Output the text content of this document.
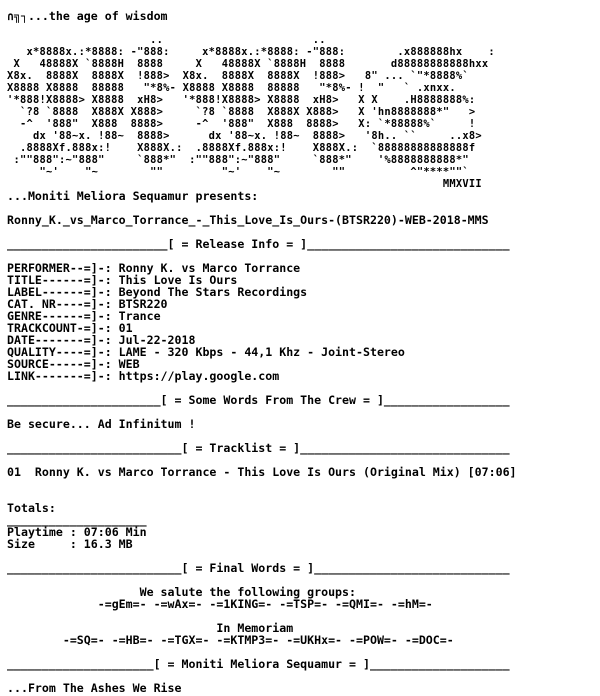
∩╗┐...the age of wisdom
..                       ..
x*8888x.:*8888: -"888:     x*8888x.:*8888: -"888:        .x888888hx    :
X   48888X `8888H  8888     X   48888X `8888H  8888       d88888888888hxx
X8x.  8888X  8888X  !888>  X8x.  8888X  8888X  !888>   8" ... `"*8888%`
X8888 X8888  88888   "*8%- X8888 X8888  88888   "*8%- !  "   ` .xnxx.
'*888!X8888> X8888  xH8>   '*888!X8888> X8888  xH8>   X X    .H8888888%:
`?8 `8888  X888X X888>     `?8 `8888  X888X X888>   X 'hn8888888*"   >
-^  '888"  X888  8888>     -^  '888"  X888  8888>   X: `*88888%`     !
dx '88~x. !88~  8888>      dx '88~x. !88~  8888>   '8h.. ``     ..x8>
.8888Xf.888x:!    X888X.:  .8888Xf.888x:!    X888X.:  `88888888888888f
:""888":~"888"     `888*"  :""888":~"888"     `888*"    '%8888888888*"
"~'    "~        ""         "~'    "~        ""          ^"****""`
MMXVII
...Moniti Meliora Sequamur presents:
Ronny_K._vs_Marco_Torrance_-_This_Love_Is_Ours-(BTSR220)-WEB-2018-MMS
_______________________[ = Release Info = ]_____________________________
PERFORMER--=]-: Ronny K. vs Marco Torrance
TITLE------=]-: This Love Is Ours
LABEL------=]-: Beyond The Stars Recordings
CAT. NR----=]-: BTSR220
GENRE------=]-: Trance
TRACKCOUNT-=]-: 01
DATE-------=]-: Jul-22-2018
QUALITY----=]-: LAME - 320 Kbps - 44,1 Khz - Joint-Stereo
SOURCE-----=]-: WEB
LINK-------=]-: https://play.google.com
______________________[ = Some Words From The Crew = ]__________________
Be secure... Ad Infinitum !
_________________________[ = Tracklist = ]______________________________
01  Ronny K. vs Marco Torrance - This Love Is Ours (Original Mix) [07:06]
Totals:
____________________
Playtime : 07:06 Min
Size     : 16.3 MB
_________________________[ = Final Words = ]____________________________
We salute the following groups:
-=gEm=- -=wAx=- -=1KING=- -=TSP=- -=QMI=- -=hM=-
In Memoriam
-=SQ=- -=HB=- -=TGX=- -=KTMP3=- -=UKHx=- -=POW=- -=DOC=-
_____________________[ = Moniti Meliora Sequamur = ]____________________
...From The Ashes We Rise
